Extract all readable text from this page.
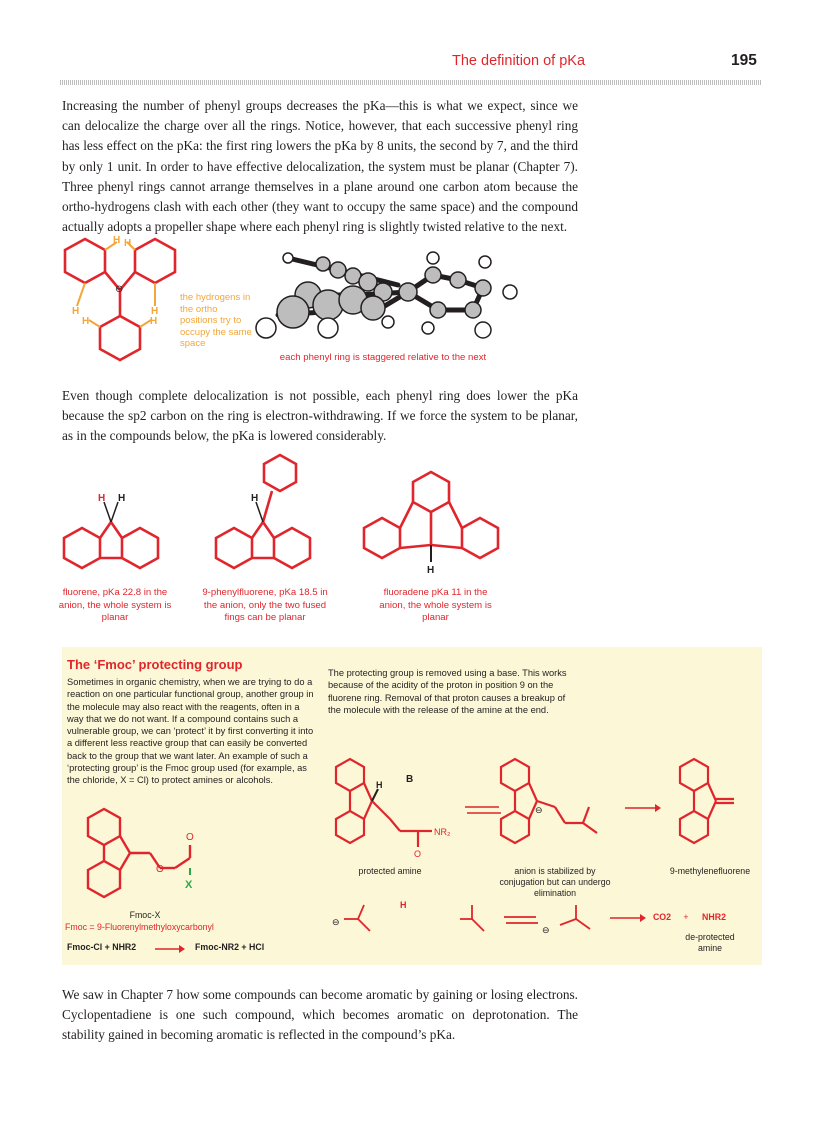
The definition of pKa	195

Increasing the number of phenyl groups decreases the pKa—this is what we expect, since we can delocalize the charge over all the rings. Notice, however, that each successive phenyl ring has less effect on the pKa: the first ring lowers the pKa by 8 units, the second by 7, and the third by only 1 unit. In order to have effective delocalization, the system must be planar (Chapter 7). Three phenyl rings cannot arrange themselves in a plane around one carbon atom because the ortho-hydrogens clash with each other (they want to occupy the same space) and the compound actually adopts a propeller shape where each phenyl ring is slightly twisted relative to the next.

H H
H	H
H	H
⊖
the hydrogens in the ortho positions try to occupy the same space
each phenyl ring is staggered relative to the next

Even though complete delocalization is not possible, each phenyl ring does lower the pKa because the sp2 carbon on the ring is electron-withdrawing. If we force the system to be planar, as in the compounds below, the pKa is lowered considerably.

H H
fluorene, pKa 22.8 in the anion, the whole system is planar
H
9-phenylfluorene, pKa 18.5 in the anion, only the two fused fings can be planar
H
fluoradene pKa 11 in the anion, the whole system is planar
The ‘Fmoc’ protecting group

Sometimes in organic chemistry, when we are trying to do a reaction on one particular functional group, another group in the molecule may also react with the reagents, often in a way that we do not want. If a compound contains such a vulnerable group, we can ‘protect’ it by first converting it into a different less reactive group that can easily be converted back to the group that we want later. An example of such a ‘protecting group’ is the Fmoc group used (for example, as the chloride, X = Cl) to protect amines or alcohols.

The protecting group is removed using a base. This works because of the acidity of the proton in position 9 on the fluorene ring. Removal of that proton causes a breakup of the molecule with the release of the amine at the end.

O
O
X
Fmoc-X
Fmoc = 9-Fluorenylmethyloxycarbonyl
Fmoc-Cl + NHR2	→ Fmoc-NR2 + HCl
H B
NR₂
O
protected amine
⊖
anion is stabilized by conjugation but can undergo elimination
9-methylenefluorene
⊖
H
⊖
CO2	+	NHR2
de-protected amine

We saw in Chapter 7 how some compounds can become aromatic by gaining or losing electrons. Cyclopentadiene is one such compound, which becomes aromatic on deprotonation. The stability gained in becoming aromatic is reflected in the compound’s pKa.
